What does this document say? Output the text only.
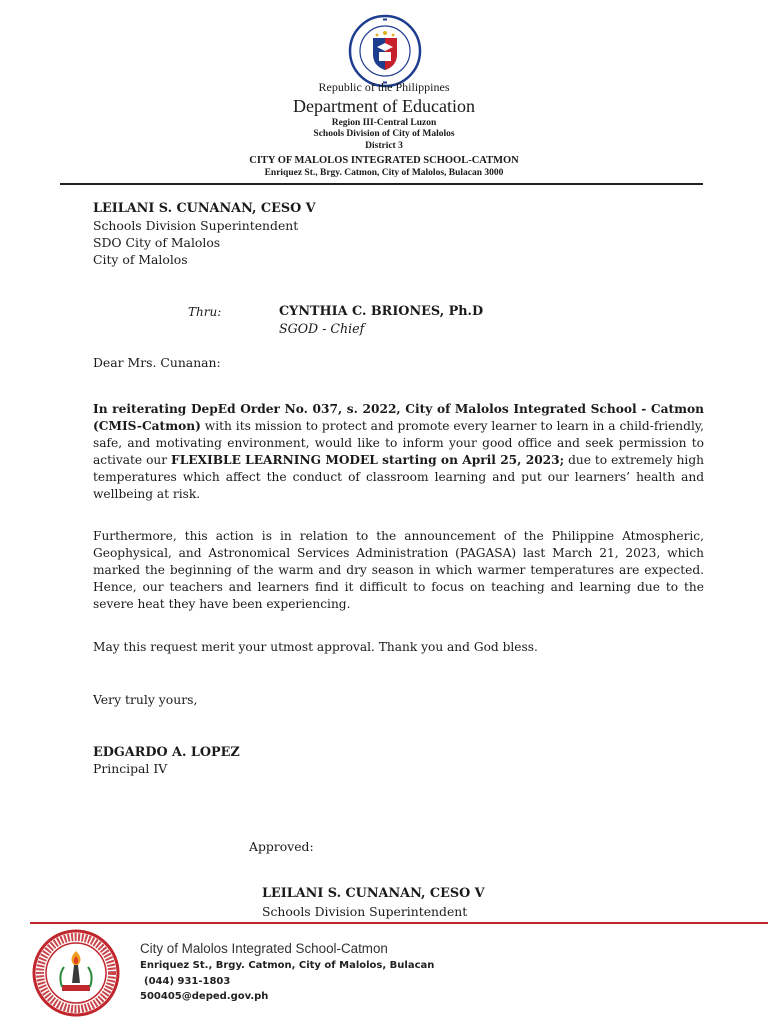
Republic of the Philippines
Department of Education
Region III-Central Luzon
Schools Division of City of Malolos
District 3
CITY OF MALOLOS INTEGRATED SCHOOL-CATMON
Enriquez St., Brgy. Catmon, City of Malolos, Bulacan 3000
LEILANI S. CUNANAN, CESO V
Schools Division Superintendent
SDO City of Malolos
City of Malolos
Thru:	CYNTHIA C. BRIONES, Ph.D
SGOD - Chief
Dear Mrs. Cunanan:
In reiterating DepEd Order No. 037, s. 2022, City of Malolos Integrated School - Catmon (CMIS-Catmon) with its mission to protect and promote every learner to learn in a child-friendly, safe, and motivating environment, would like to inform your good office and seek permission to activate our FLEXIBLE LEARNING MODEL starting on April 25, 2023; due to extremely high temperatures which affect the conduct of classroom learning and put our learners’ health and wellbeing at risk.
Furthermore, this action is in relation to the announcement of the Philippine Atmospheric, Geophysical, and Astronomical Services Administration (PAGASA) last March 21, 2023, which marked the beginning of the warm and dry season in which warmer temperatures are expected. Hence, our teachers and learners find it difficult to focus on teaching and learning due to the severe heat they have been experiencing.
May this request merit your utmost approval. Thank you and God bless.
Very truly yours,
EDGARDO A. LOPEZ
Principal IV
Approved:
LEILANI S. CUNANAN, CESO V
Schools Division Superintendent
City of Malolos Integrated School-Catmon
Enriquez St., Brgy. Catmon, City of Malolos, Bulacan
(044) 931-1803
500405@deped.gov.ph
